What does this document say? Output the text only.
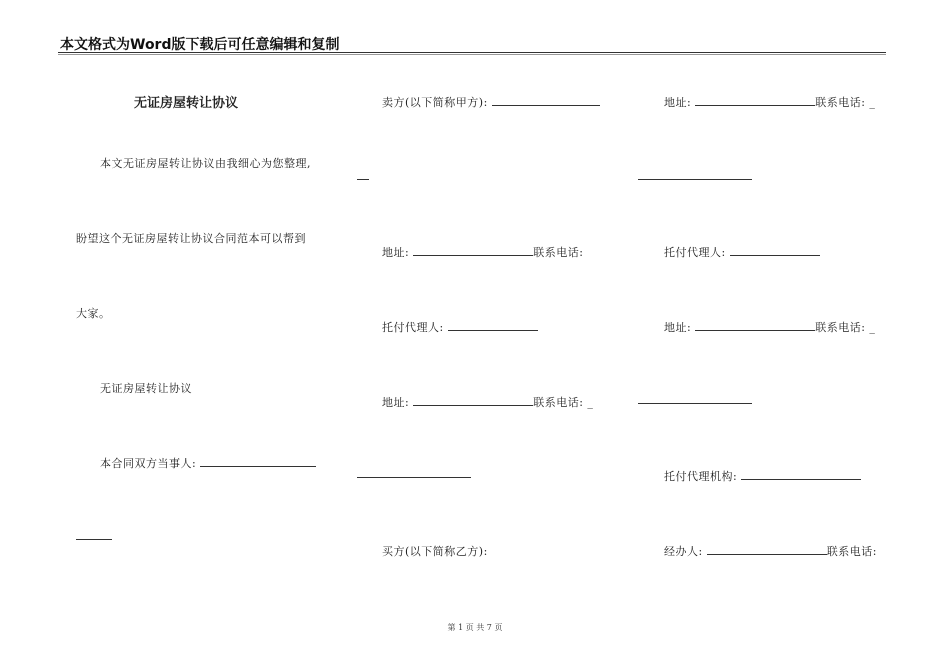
本文格式为Word版下载后可任意编辑和复制
无证房屋转让协议
本文无证房屋转让协议由我细心为您整理,
盼望这个无证房屋转让协议合同范本可以帮到
大家。
无证房屋转让协议
本合同双方当事人:
卖方(以下简称甲方):
地址:	联系电话:
托付代理人:
地址:	联系电话: _
买方(以下简称乙方):
地址:	联系电话: _
托付代理人:
地址:	联系电话: _
托付代理机构:
经办人:	联系电话:
第 1 页 共 7 页
